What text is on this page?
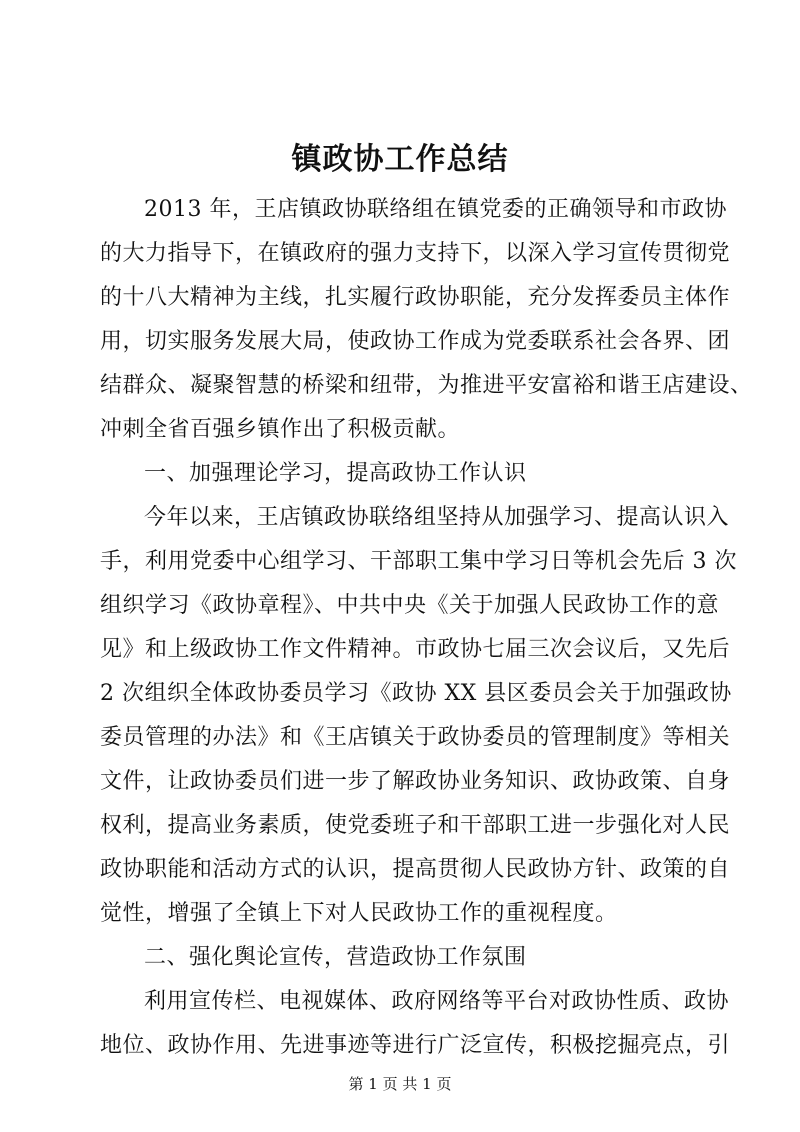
镇政协工作总结
2013 年，王店镇政协联络组在镇党委的正确领导和市政协
的大力指导下，在镇政府的强力支持下，以深入学习宣传贯彻党
的十八大精神为主线，扎实履行政协职能，充分发挥委员主体作
用，切实服务发展大局，使政协工作成为党委联系社会各界、团
结群众、凝聚智慧的桥梁和纽带，为推进平安富裕和谐王店建设、
冲刺全省百强乡镇作出了积极贡献。
一、加强理论学习，提高政协工作认识
今年以来，王店镇政协联络组坚持从加强学习、提高认识入
手，利用党委中心组学习、干部职工集中学习日等机会先后 3 次
组织学习《政协章程》、中共中央《关于加强人民政协工作的意
见》和上级政协工作文件精神。市政协七届三次会议后，又先后
2 次组织全体政协委员学习《政协 XX 县区委员会关于加强政协
委员管理的办法》和《王店镇关于政协委员的管理制度》等相关
文件，让政协委员们进一步了解政协业务知识、政协政策、自身
权利，提高业务素质，使党委班子和干部职工进一步强化对人民
政协职能和活动方式的认识，提高贯彻人民政协方针、政策的自
觉性，增强了全镇上下对人民政协工作的重视程度。
二、强化舆论宣传，营造政协工作氛围
利用宣传栏、电视媒体、政府网络等平台对政协性质、政协
地位、政协作用、先进事迹等进行广泛宣传，积极挖掘亮点，引
第 1 页 共 1 页
